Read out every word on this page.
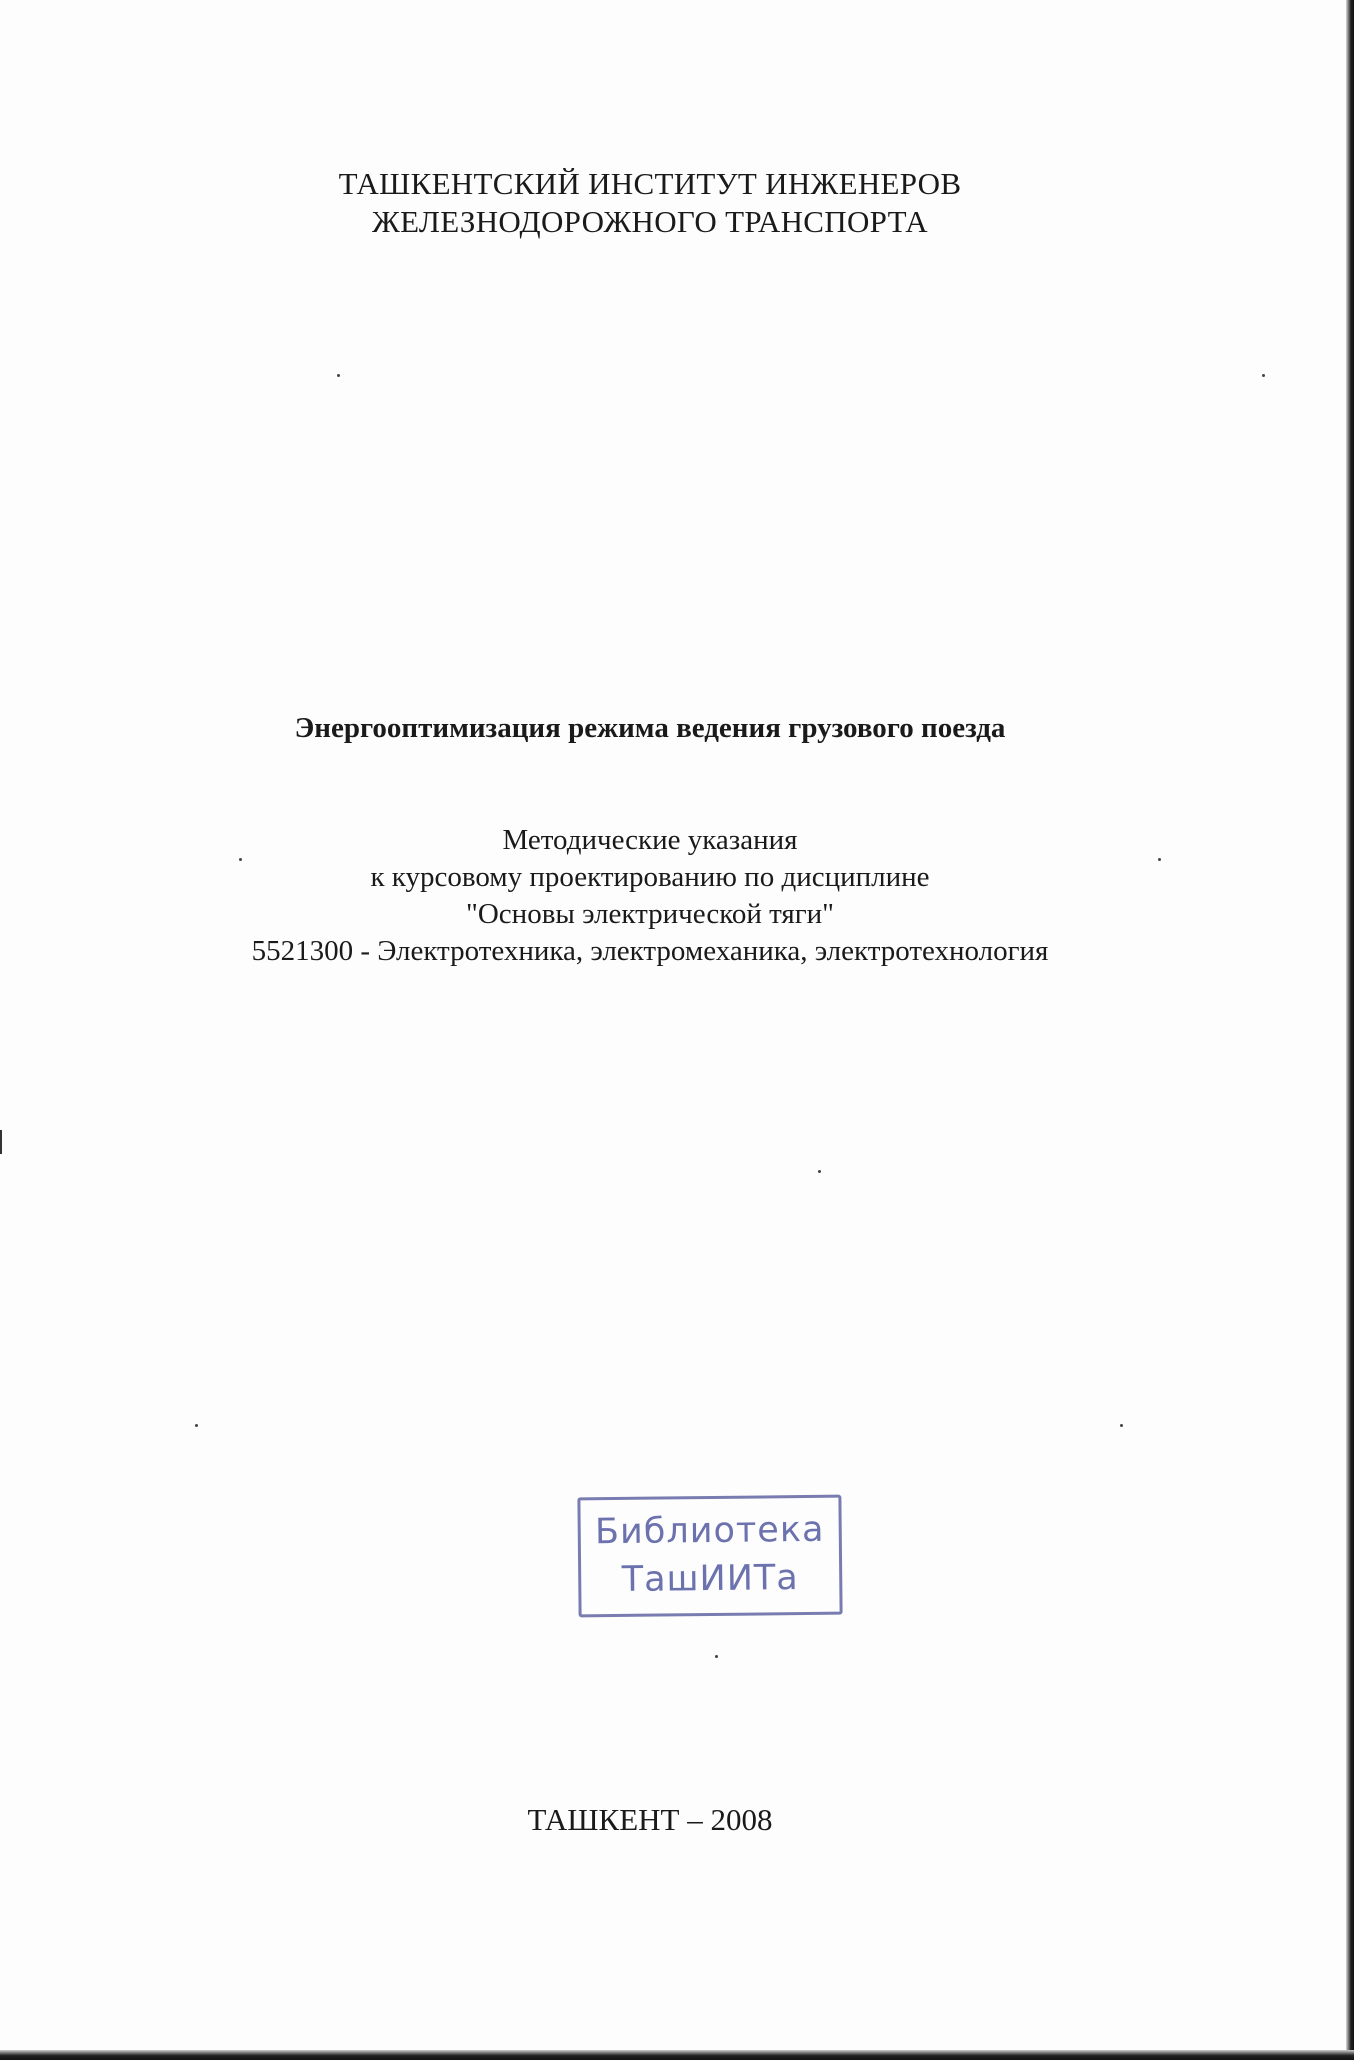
ТАШКЕНТСКИЙ ИНСТИТУТ ИНЖЕНЕРОВ
ЖЕЛЕЗНОДОРОЖНОГО ТРАНСПОРТА
Энергооптимизация режима ведения грузового поезда
Методические указания
к курсовому проектированию по дисциплине
"Основы электрической тяги"
5521300 - Электротехника, электромеханика, электротехнология
Библиотека
ТашИИТа
ТАШКЕНТ – 2008
